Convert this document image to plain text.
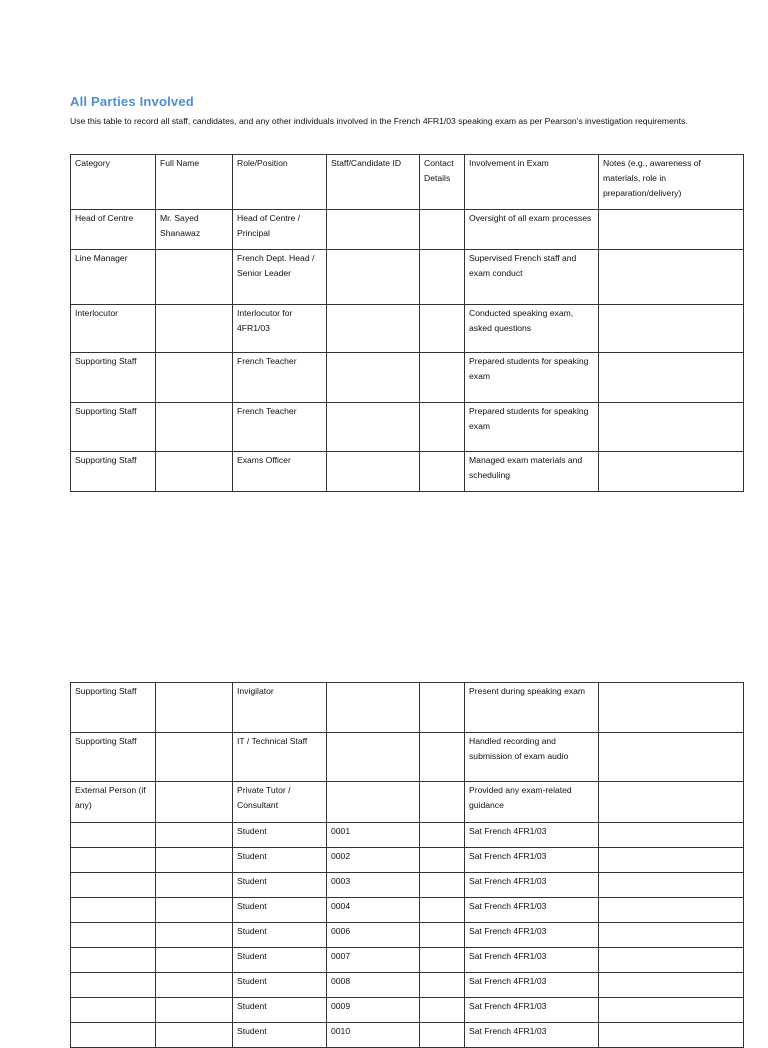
All Parties Involved
Use this table to record all staff, candidates, and any other individuals involved in the French 4FR1/03 speaking exam as per Pearson's investigation requirements.
Category	Full Name	Role/Position	Staff/Candidate ID	Contact Details	Involvement in Exam	Notes (e.g., awareness of materials, role in preparation/delivery)
Head of Centre	Mr. Sayed Shanawaz	Head of Centre / Principal			Oversight of all exam processes	
Line Manager		French Dept. Head / Senior Leader			Supervised French staff and exam conduct	
Interlocutor		Interlocutor for 4FR1/03			Conducted speaking exam, asked questions	
Supporting Staff		French Teacher			Prepared students for speaking exam	
Supporting Staff		French Teacher			Prepared students for speaking exam	
Supporting Staff		Exams Officer			Managed exam materials and scheduling	
Supporting Staff		Invigilator			Present during speaking exam	
Supporting Staff		IT / Technical Staff			Handled recording and submission of exam audio	
External Person (if any)		Private Tutor / Consultant			Provided any exam-related guidance	
		Student	0001		Sat French 4FR1/03	
		Student	0002		Sat French 4FR1/03	
		Student	0003		Sat French 4FR1/03	
		Student	0004		Sat French 4FR1/03	
		Student	0006		Sat French 4FR1/03	
		Student	0007		Sat French 4FR1/03	
		Student	0008		Sat French 4FR1/03	
		Student	0009		Sat French 4FR1/03	
		Student	0010		Sat French 4FR1/03	
